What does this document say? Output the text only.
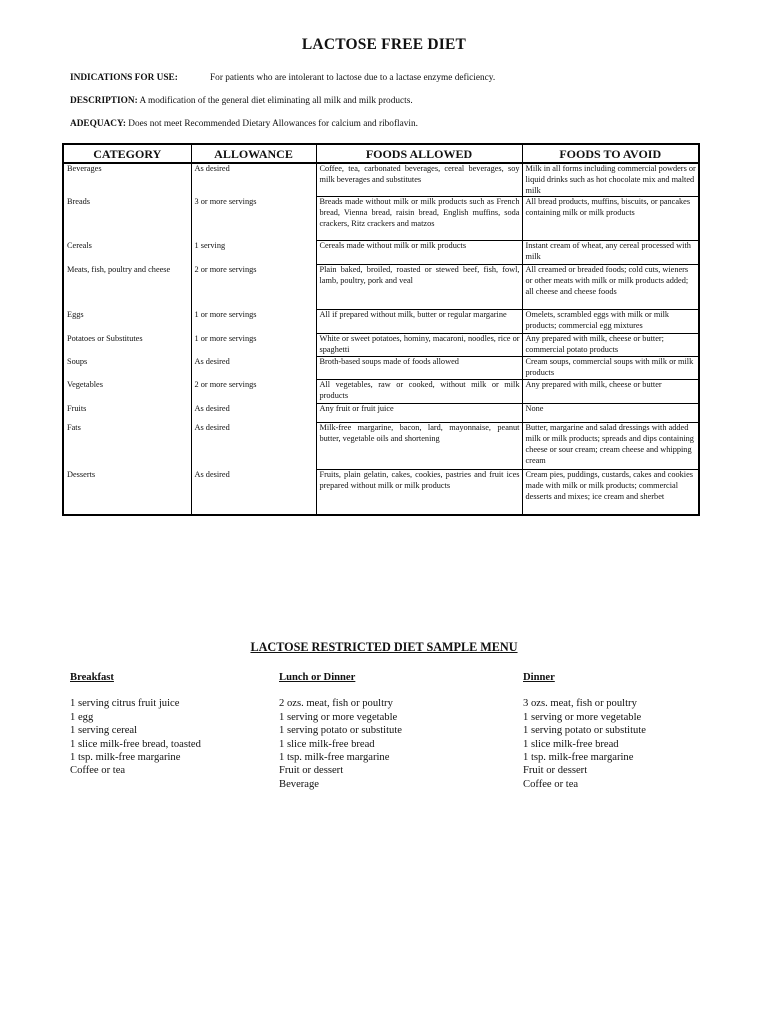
LACTOSE FREE DIET
INDICATIONS FOR USE:	For patients who are intolerant to lactose due to a lactase enzyme deficiency.
DESCRIPTION: A modification of the general diet eliminating all milk and milk products.
ADEQUACY: Does not meet Recommended Dietary Allowances for calcium and riboflavin.
CATEGORY	ALLOWANCE	FOODS ALLOWED	FOODS TO AVOID
Beverages	As desired	Coffee, tea, carbonated beverages, cereal beverages, soy milk beverages and substitutes	Milk in all forms including commercial powders or liquid drinks such as hot chocolate mix and malted milk
Breads	3 or more servings	Breads made without milk or milk products such as French bread, Vienna bread, raisin bread, English muffins, soda crackers, Ritz crackers and matzos	All bread products, muffins, biscuits, or pancakes containing milk or milk products
Cereals	1 serving	Cereals made without milk or milk products	Instant cream of wheat, any cereal processed with milk
Meats, fish, poultry and cheese	2 or more servings	Plain baked, broiled, roasted or stewed beef, fish, fowl, lamb, poultry, pork and veal	All creamed or breaded foods; cold cuts, wieners or other meats with milk or milk products added; all cheese and cheese foods
Eggs	1 or more servings	All if prepared without milk, butter or regular margarine	Omelets, scrambled eggs with milk or milk products; commercial egg mixtures
Potatoes or Substitutes	1 or more servings	White or sweet potatoes, hominy, macaroni, noodles, rice or spaghetti	Any prepared with milk, cheese or butter; commercial potato products
Soups	As desired	Broth-based soups made of foods allowed	Cream soups, commercial soups with milk or milk products
Vegetables	2 or more servings	All vegetables, raw or cooked, without milk or milk products	Any prepared with milk, cheese or butter
Fruits	As desired	Any fruit or fruit juice	None
Fats	As desired	Milk-free margarine, bacon, lard, mayonnaise, peanut butter, vegetable oils and shortening	Butter, margarine and salad dressings with added milk or milk products; spreads and dips containing cheese or sour cream; cream cheese and whipping cream
Desserts	As desired	Fruits, plain gelatin, cakes, cookies, pastries and fruit ices prepared without milk or milk products	Cream pies, puddings, custards, cakes and cookies made with milk or milk products; commercial desserts and mixes; ice cream and sherbet
LACTOSE RESTRICTED DIET SAMPLE MENU
Breakfast
1 serving citrus fruit juice
1 egg
1 serving cereal
1 slice milk-free bread, toasted
1 tsp. milk-free margarine
Coffee or tea
Lunch or Dinner
2 ozs. meat, fish or poultry
1 serving or more vegetable
1 serving potato or substitute
1 slice milk-free bread
1 tsp. milk-free margarine
Fruit or dessert
Beverage
Dinner
3 ozs. meat, fish or poultry
1 serving or more vegetable
1 serving potato or substitute
1 slice milk-free bread
1 tsp. milk-free margarine
Fruit or dessert
Coffee or tea
